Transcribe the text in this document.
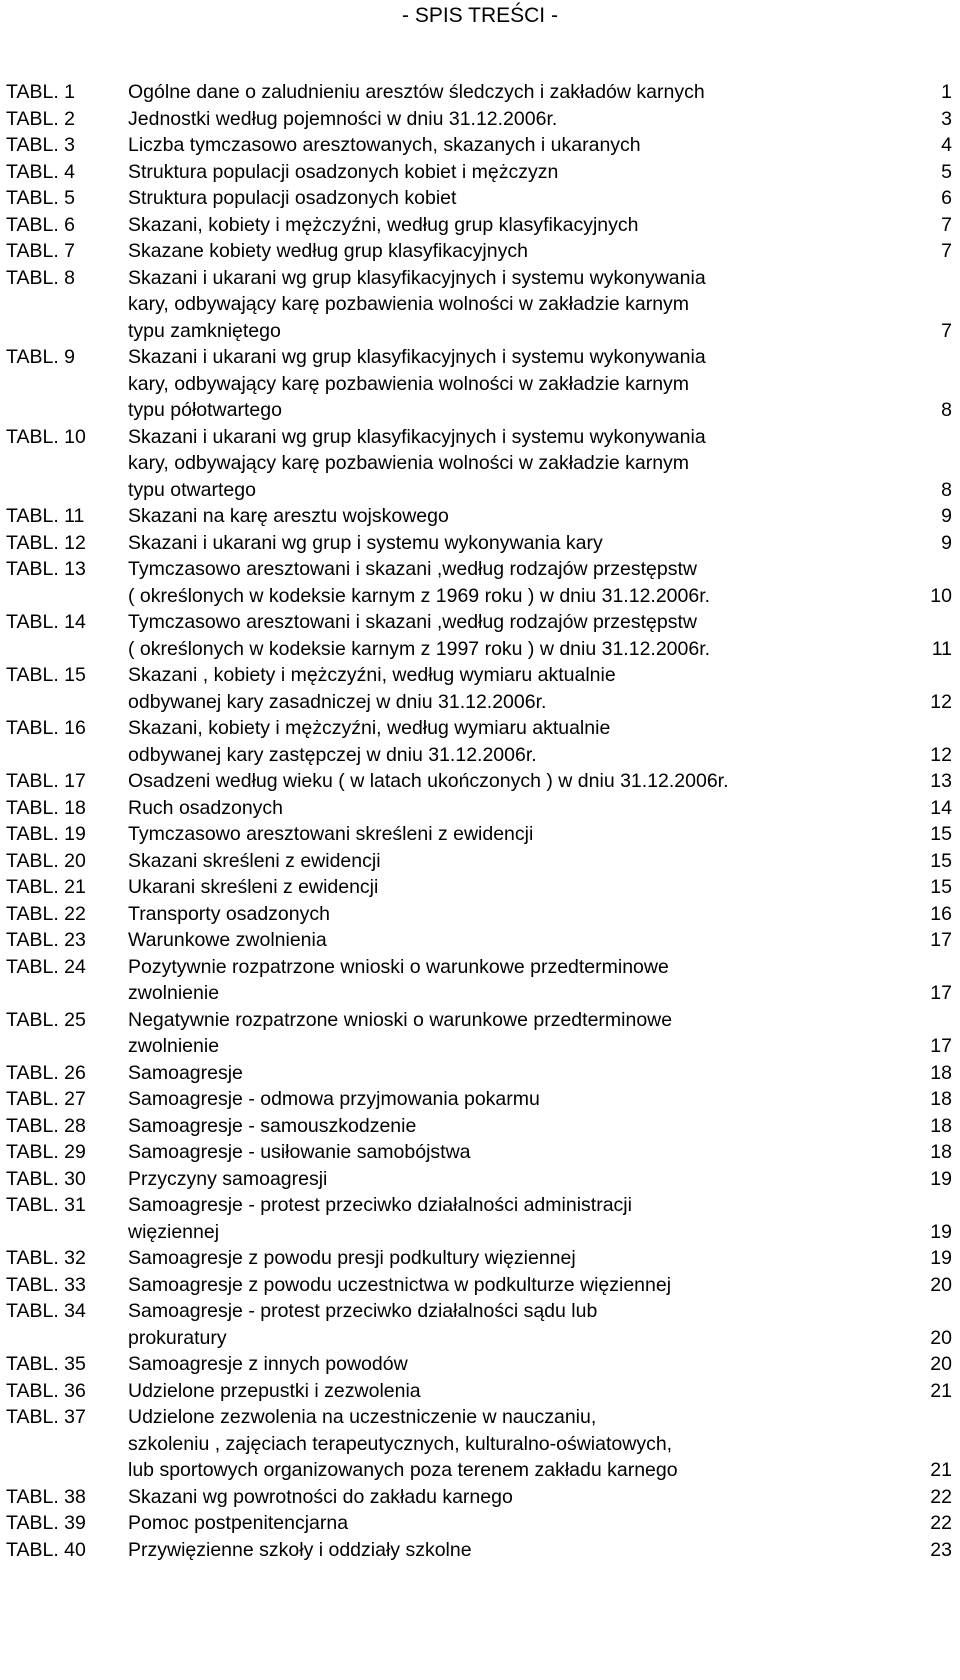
- SPIS TREŚCI -
TABL. 1	Ogólne dane o zaludnieniu aresztów śledczych i zakładów karnych	1
TABL. 2	Jednostki według pojemności w dniu 31.12.2006r.	3
TABL. 3	Liczba tymczasowo aresztowanych, skazanych i ukaranych	4
TABL. 4	Struktura populacji osadzonych kobiet i mężczyzn	5
TABL. 5	Struktura populacji osadzonych kobiet	6
TABL. 6	Skazani, kobiety i mężczyźni, według grup klasyfikacyjnych	7
TABL. 7	Skazane kobiety według grup klasyfikacyjnych	7
TABL. 8	Skazani i ukarani wg grup klasyfikacyjnych i systemu wykonywania
kary, odbywający karę pozbawienia wolności w zakładzie karnym
typu zamkniętego	7
TABL. 9	Skazani i ukarani wg grup klasyfikacyjnych i systemu wykonywania
kary, odbywający karę pozbawienia wolności w zakładzie karnym
typu półotwartego	8
TABL. 10	Skazani i ukarani wg grup klasyfikacyjnych i systemu wykonywania
kary, odbywający karę pozbawienia wolności w zakładzie karnym
typu otwartego	8
TABL. 11	Skazani na karę aresztu wojskowego	9
TABL. 12	Skazani i ukarani wg grup i systemu wykonywania kary	9
TABL. 13	Tymczasowo aresztowani i skazani ,według rodzajów przestępstw
( określonych w kodeksie karnym z 1969 roku ) w dniu 31.12.2006r.	10
TABL. 14	Tymczasowo aresztowani i skazani ,według rodzajów przestępstw
( określonych w kodeksie karnym z 1997 roku ) w dniu 31.12.2006r.	11
TABL. 15	Skazani , kobiety i mężczyźni, według wymiaru aktualnie
odbywanej kary zasadniczej w dniu 31.12.2006r.	12
TABL. 16	Skazani, kobiety i mężczyźni, według wymiaru aktualnie
odbywanej kary zastępczej w dniu 31.12.2006r.	12
TABL. 17	Osadzeni według wieku ( w latach ukończonych ) w dniu 31.12.2006r.	13
TABL. 18	Ruch osadzonych	14
TABL. 19	Tymczasowo aresztowani skreśleni z ewidencji	15
TABL. 20	Skazani skreśleni z ewidencji	15
TABL. 21	Ukarani skreśleni z ewidencji	15
TABL. 22	Transporty osadzonych	16
TABL. 23	Warunkowe zwolnienia	17
TABL. 24	Pozytywnie rozpatrzone wnioski o warunkowe przedterminowe
zwolnienie	17
TABL. 25	Negatywnie rozpatrzone wnioski o warunkowe przedterminowe
zwolnienie	17
TABL. 26	Samoagresje	18
TABL. 27	Samoagresje - odmowa przyjmowania pokarmu	18
TABL. 28	Samoagresje - samouszkodzenie	18
TABL. 29	Samoagresje - usiłowanie samobójstwa	18
TABL. 30	Przyczyny samoagresji	19
TABL. 31	Samoagresje - protest przeciwko działalności administracji
więziennej	19
TABL. 32	Samoagresje z powodu presji podkultury więziennej	19
TABL. 33	Samoagresje z powodu uczestnictwa w podkulturze więziennej	20
TABL. 34	Samoagresje - protest przeciwko działalności sądu lub
prokuratury	20
TABL. 35	Samoagresje z innych powodów	20
TABL. 36	Udzielone przepustki i zezwolenia	21
TABL. 37	Udzielone zezwolenia na uczestniczenie w nauczaniu,
szkoleniu , zajęciach terapeutycznych, kulturalno-oświatowych,
lub sportowych organizowanych poza terenem zakładu karnego	21
TABL. 38	Skazani wg powrotności do zakładu karnego	22
TABL. 39	Pomoc postpenitencjarna	22
TABL. 40	Przywięzienne szkoły i oddziały szkolne	23
